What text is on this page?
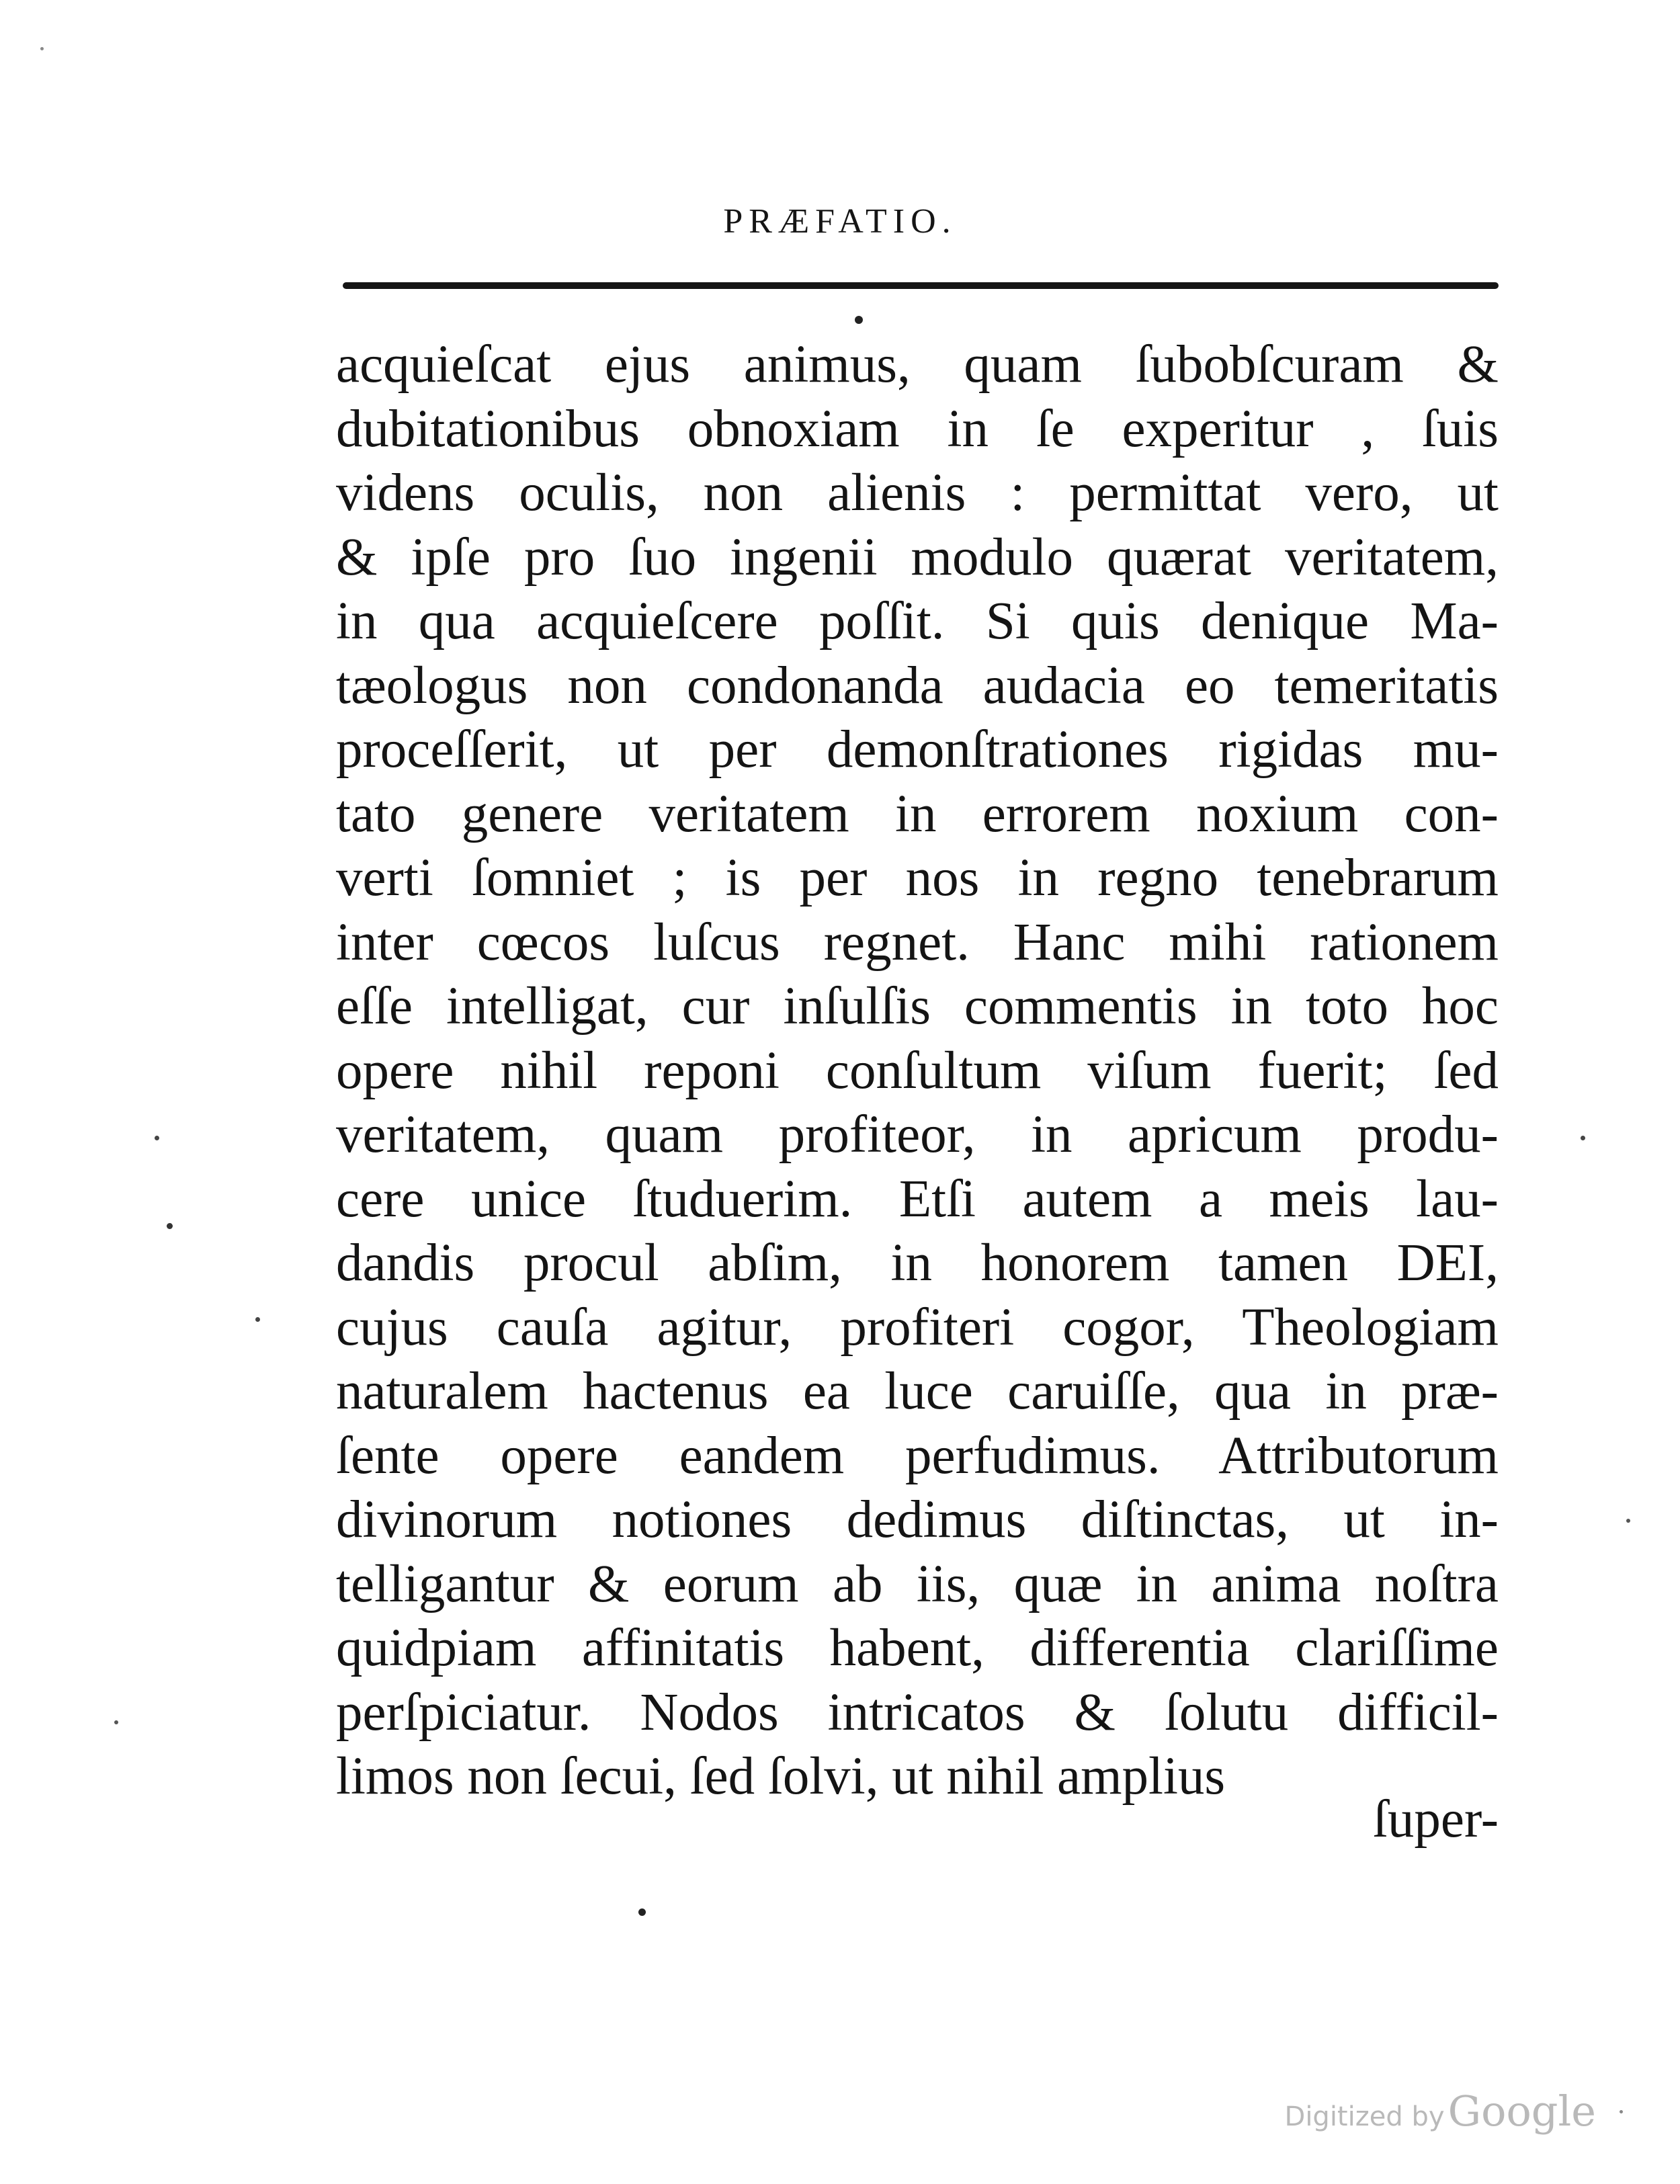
PRÆFATIO.
acquieſcat ejus animus, quam ſubobſcuram &
dubitationibus obnoxiam in ſe experitur , ſuis
videns oculis, non alienis : permittat vero, ut
& ipſe pro ſuo ingenii modulo quærat veritatem,
in qua acquieſcere poſſit. Si quis denique Ma-
tæologus non condonanda audacia eo temeritatis
proceſſerit, ut per demonſtrationes rigidas mu-
tato genere veritatem in errorem noxium con-
verti ſomniet ; is per nos in regno tenebrarum
inter cœcos luſcus regnet. Hanc mihi rationem
eſſe intelligat, cur inſulſis commentis in toto hoc
opere nihil reponi conſultum viſum fuerit; ſed
veritatem, quam profiteor, in apricum produ-
cere unice ſtuduerim. Etſi autem a meis lau-
dandis procul abſim, in honorem tamen DEI,
cujus cauſa agitur, profiteri cogor, Theologiam
naturalem hactenus ea luce caruiſſe, qua in præ-
ſente opere eandem perfudimus. Attributorum
divinorum notiones dedimus diſtinctas, ut in-
telligantur & eorum ab iis, quæ in anima noſtra
quidpiam affinitatis habent, differentia clariſſime
perſpiciatur. Nodos intricatos & ſolutu difficil-
limos non ſecui, ſed ſolvi, ut nihil amplius
ſuper-
Digitized by Google
